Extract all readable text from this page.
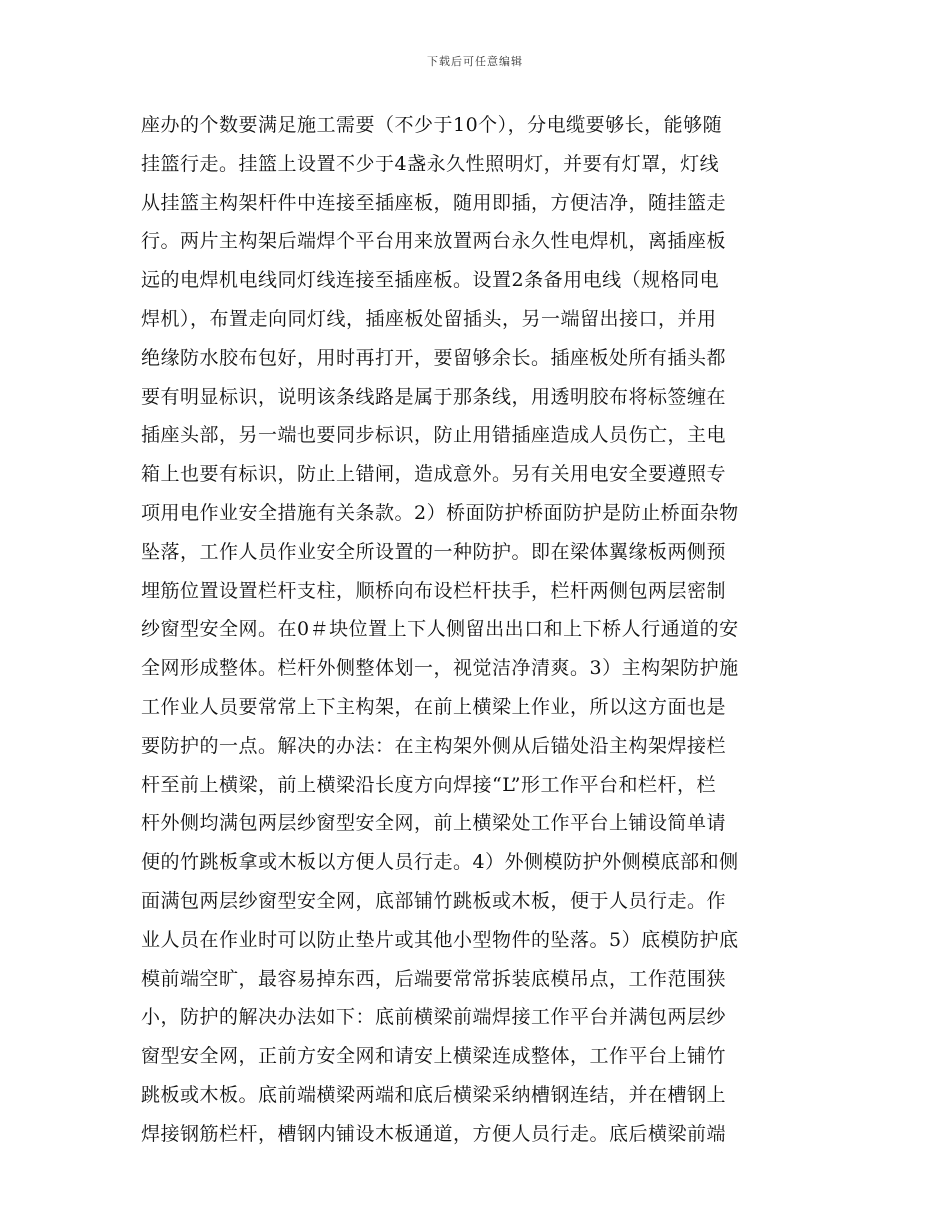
下载后可任意编辑
座办的个数要满足施工需要（不少于10个），分电缆要够长，能够随
挂篮行走。挂篮上设置不少于4盏永久性照明灯，并要有灯罩，灯线
从挂篮主构架杆件中连接至插座板，随用即插，方便洁净，随挂篮走
行。两片主构架后端焊个平台用来放置两台永久性电焊机，离插座板
远的电焊机电线同灯线连接至插座板。设置2条备用电线（规格同电
焊机），布置走向同灯线，插座板处留插头，另一端留出接口，并用
绝缘防水胶布包好，用时再打开，要留够余长。插座板处所有插头都
要有明显标识，说明该条线路是属于那条线，用透明胶布将标签缠在
插座头部，另一端也要同步标识，防止用错插座造成人员伤亡，主电
箱上也要有标识，防止上错闸，造成意外。另有关用电安全要遵照专
项用电作业安全措施有关条款。2）桥面防护桥面防护是防止桥面杂物
坠落，工作人员作业安全所设置的一种防护。即在梁体翼缘板两侧预
埋筋位置设置栏杆支柱，顺桥向布设栏杆扶手，栏杆两侧包两层密制
纱窗型安全网。在0＃块位置上下人侧留出出口和上下桥人行通道的安
全网形成整体。栏杆外侧整体划一，视觉洁净清爽。3）主构架防护施
工作业人员要常常上下主构架，在前上横梁上作业，所以这方面也是
要防护的一点。解决的办法：在主构架外侧从后锚处沿主构架焊接栏
杆至前上横梁，前上横梁沿长度方向焊接“L”形工作平台和栏杆，栏
杆外侧均满包两层纱窗型安全网，前上横梁处工作平台上铺设简单请
便的竹跳板拿或木板以方便人员行走。4）外侧模防护外侧模底部和侧
面满包两层纱窗型安全网，底部铺竹跳板或木板，便于人员行走。作
业人员在作业时可以防止垫片或其他小型物件的坠落。5）底模防护底
模前端空旷，最容易掉东西，后端要常常拆装底模吊点，工作范围狭
小，防护的解决办法如下：底前横梁前端焊接工作平台并满包两层纱
窗型安全网，正前方安全网和请安上横梁连成整体，工作平台上铺竹
跳板或木板。底前端横梁两端和底后横梁采纳槽钢连结，并在槽钢上
焊接钢筋栏杆，槽钢内铺设木板通道，方便人员行走。底后横梁前端
